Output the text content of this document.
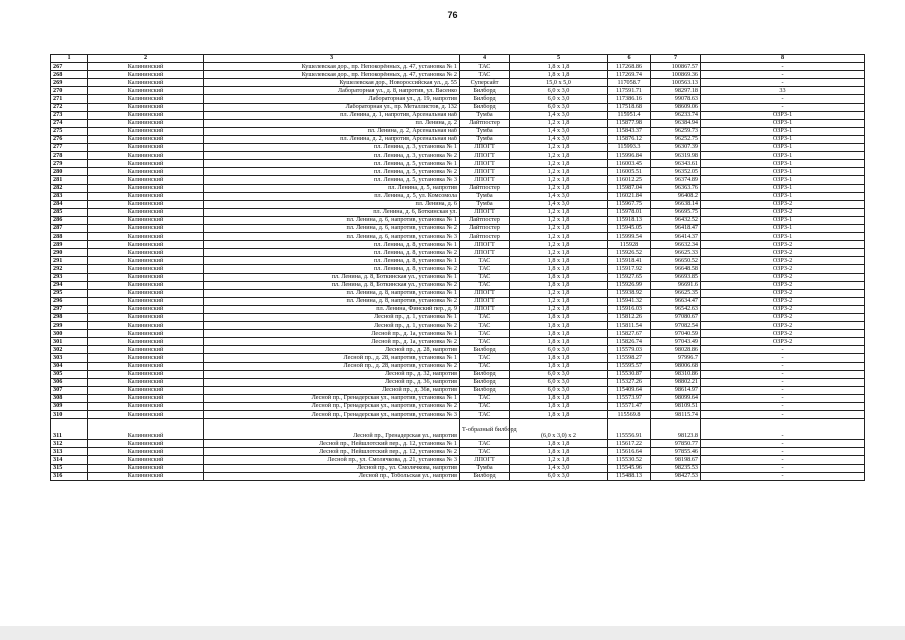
76
1	2	3	4	5	6	7	8
267	Калининский	Кушелевская дор., пр. Непокорённых, д. 47, установка № 1	ТАС	1,8 x 1,8	117268.86	100867.57	-
268	Калининский	Кушелевская дор., пр. Непокорённых, д. 47, установка № 2	ТАС	1,8 x 1,8	117269.74	100869.36	-
269	Калининский	Кушелевская дор., Новороссийская ул., д. 55	Суперсайт	15,0 x 5,0	117058.7	100563.13	-
270	Калининский	Лабораторная ул., д. 8, напротив, ул. Васенко	Билборд	6,0 x 3,0	117591.71	98297.18	33
271	Калининский	Лабораторная ул., д. 19, напротив	Билборд	6,0 x 3,0	117386.16	99078.63	-
272	Калининский	Лабораторная ул., пр. Металлистов, д. 132	Билборд	6,0 x 3,0	117518.68	98609.06	-
273	Калининский	пл. Ленина, д. 1, напротив, Арсенальная наб	Тумба	1,4 x 3,0	115951.4	96233.74	ОЗРЗ-1
274	Калининский	пл. Ленина, д. 2	Лайтпостер	1,2 x 1,8	115877.98	96384.94	ОЗРЗ-1
275	Калининский	пл. Ленина, д. 2, Арсенальная наб	Тумба	1,4 x 3,0	115843.37	96259.73	ОЗРЗ-1
276	Калининский	пл. Ленина, д. 2, напротив, Арсенальная наб	Тумба	1,4 x 3,0	115876.12	96252.75	ОЗРЗ-1
277	Калининский	пл. Ленина, д. 3, установка № 1	ЛПОГТ	1,2 x 1,8	115993.3	96307.39	ОЗРЗ-1
278	Калининский	пл. Ленина, д. 3, установка № 2	ЛПОГТ	1,2 x 1,8	115996.84	96319.98	ОЗРЗ-1
279	Калининский	пл. Ленина, д. 5, установка № 1	ЛПОГТ	1,2 x 1,8	116003.45	96343.61	ОЗРЗ-1
280	Калининский	пл. Ленина, д. 5, установка № 2	ЛПОГТ	1,2 x 1,8	116005.51	96352.05	ОЗРЗ-1
281	Калининский	пл. Ленина, д. 5, установка № 3	ЛПОГТ	1,2 x 1,8	116012.25	96374.89	ОЗРЗ-1
282	Калининский	пл. Ленина, д. 5, напротив	Лайтпостер	1,2 x 1,8	115987.04	96363.76	ОЗРЗ-1
283	Калининский	пл. Ленина, д. 5, ул. Комсомола	Тумба	1,4 x 3,0	116021.84	96408.2	ОЗРЗ-1
284	Калининский	пл. Ленина, д. 6	Тумба	1,4 x 3,0	115967.75	96638.14	ОЗРЗ-2
285	Калининский	пл. Ленина, д. 6, Боткинская ул.	ЛПОГТ	1,2 x 1,8	115978.01	96695.75	ОЗРЗ-2
286	Калининский	пл. Ленина, д. 6, напротив, установка № 1	Лайтпостер	1,2 x 1,8	115918.13	96432.52	ОЗРЗ-1
287	Калининский	пл. Ленина, д. 6, напротив, установка № 2	Лайтпостер	1,2 x 1,8	115945.05	96418.47	ОЗРЗ-1
288	Калининский	пл. Ленина, д. 6, напротив, установка № 3	Лайтпостер	1,2 x 1,8	115999.54	96414.37	ОЗРЗ-1
289	Калининский	пл. Ленина, д. 8, установка № 1	ЛПОГТ	1,2 x 1,8	115928	96632.34	ОЗРЗ-2
290	Калининский	пл. Ленина, д. 8, установка № 2	ЛПОГТ	1,2 x 1,8	115926.52	96625.33	ОЗРЗ-2
291	Калининский	пл. Ленина, д. 8, установка № 1	ТАС	1,8 x 1,8	115918.41	96650.52	ОЗРЗ-2
292	Калининский	пл. Ленина, д. 8, установка № 2	ТАС	1,8 x 1,8	115917.92	96648.58	ОЗРЗ-2
293	Калининский	пл. Ленина, д. 8, Боткинская ул., установка № 1	ТАС	1,8 x 1,8	115927.65	96693.85	ОЗРЗ-2
294	Калининский	пл. Ленина, д. 8, Боткинская ул., установка № 2	ТАС	1,8 x 1,8	115926.99	96691.6	ОЗРЗ-2
295	Калининский	пл. Ленина, д. 8, напротив, установка № 1	ЛПОГТ	1,2 x 1,8	115938.92	96625.35	ОЗРЗ-2
296	Калининский	пл. Ленина, д. 8, напротив, установка № 2	ЛПОГТ	1,2 x 1,8	115941.32	96634.47	ОЗРЗ-2
297	Калининский	пл. Ленина, Финский пер., д. 9	ЛПОГТ	1,2 x 1,8	115916.03	96542.63	ОЗРЗ-2
298	Калининский	Лесной пр., д. 1, установка № 1	ТАС	1,8 x 1,8	115812.26	97080.67	ОЗРЗ-2
299	Калининский	Лесной пр., д. 1, установка № 2	ТАС	1,8 x 1,8	115811.54	97082.54	ОЗРЗ-2
300	Калининский	Лесной пр., д. 1а, установка № 1	ТАС	1,8 x 1,8	115827.67	97040.59	ОЗРЗ-2
301	Калининский	Лесной пр., д. 1а, установка № 2	ТАС	1,8 x 1,8	115826.74	97043.49	ОЗРЗ-2
302	Калининский	Лесной пр., д. 28, напротив	Билборд	6,0 x 3,0	115579.03	98028.86	-
303	Калининский	Лесной пр., д. 28, напротив, установка № 1	ТАС	1,8 x 1,8	115598.27	97996.7	-
304	Калининский	Лесной пр., д. 28, напротив, установка № 2	ТАС	1,8 x 1,8	115595.57	98006.68	-
305	Калининский	Лесной пр., д. 32, напротив	Билборд	6,0 x 3,0	115530.87	98310.86	-
306	Калининский	Лесной пр., д. 36, напротив	Билборд	6,0 x 3,0	115327.26	98802.21	-
307	Калининский	Лесной пр., д. 36в, напротив	Билборд	6,0 x 3,0	115409.64	98614.97	-
308	Калининский	Лесной пр., Гренадерская ул., напротив, установка № 1	ТАС	1,8 x 1,8	115573.97	98099.64	-
309	Калининский	Лесной пр., Гренадерская ул., напротив, установка № 2	ТАС	1,8 x 1,8	115571.47	98109.51	-
310	Калининский	Лесной пр., Гренадерская ул., напротив, установка № 3	ТАС	1,8 x 1,8	115569.8	98115.74	-
311	Калининский	Лесной пр., Гренадерская ул., напротив	Т-образный билборд	(6,0 x 3,0) x 2	115556.91	98123.8	-
312	Калининский	Лесной пр., Нейшлотский пер., д. 12, установка № 1	ТАС	1,8 x 1,8	115617.22	97850.77	-
313	Калининский	Лесной пр., Нейшлотский пер., д. 12, установка № 2	ТАС	1,8 x 1,8	115616.64	97855.46	-
314	Калининский	Лесной пр., ул. Смолячкова, д. 21, установка № 3	ЛПОГТ	1,2 x 1,8	115530.52	98198.67	-
315	Калининский	Лесной пр., ул. Смолячкова, напротив	Тумба	1,4 x 3,0	115545.96	98235.53	-
316	Калининский	Лесной пр., Тобольская ул., напротив	Билборд	6,0 x 3,0	115488.13	98427.53	-
